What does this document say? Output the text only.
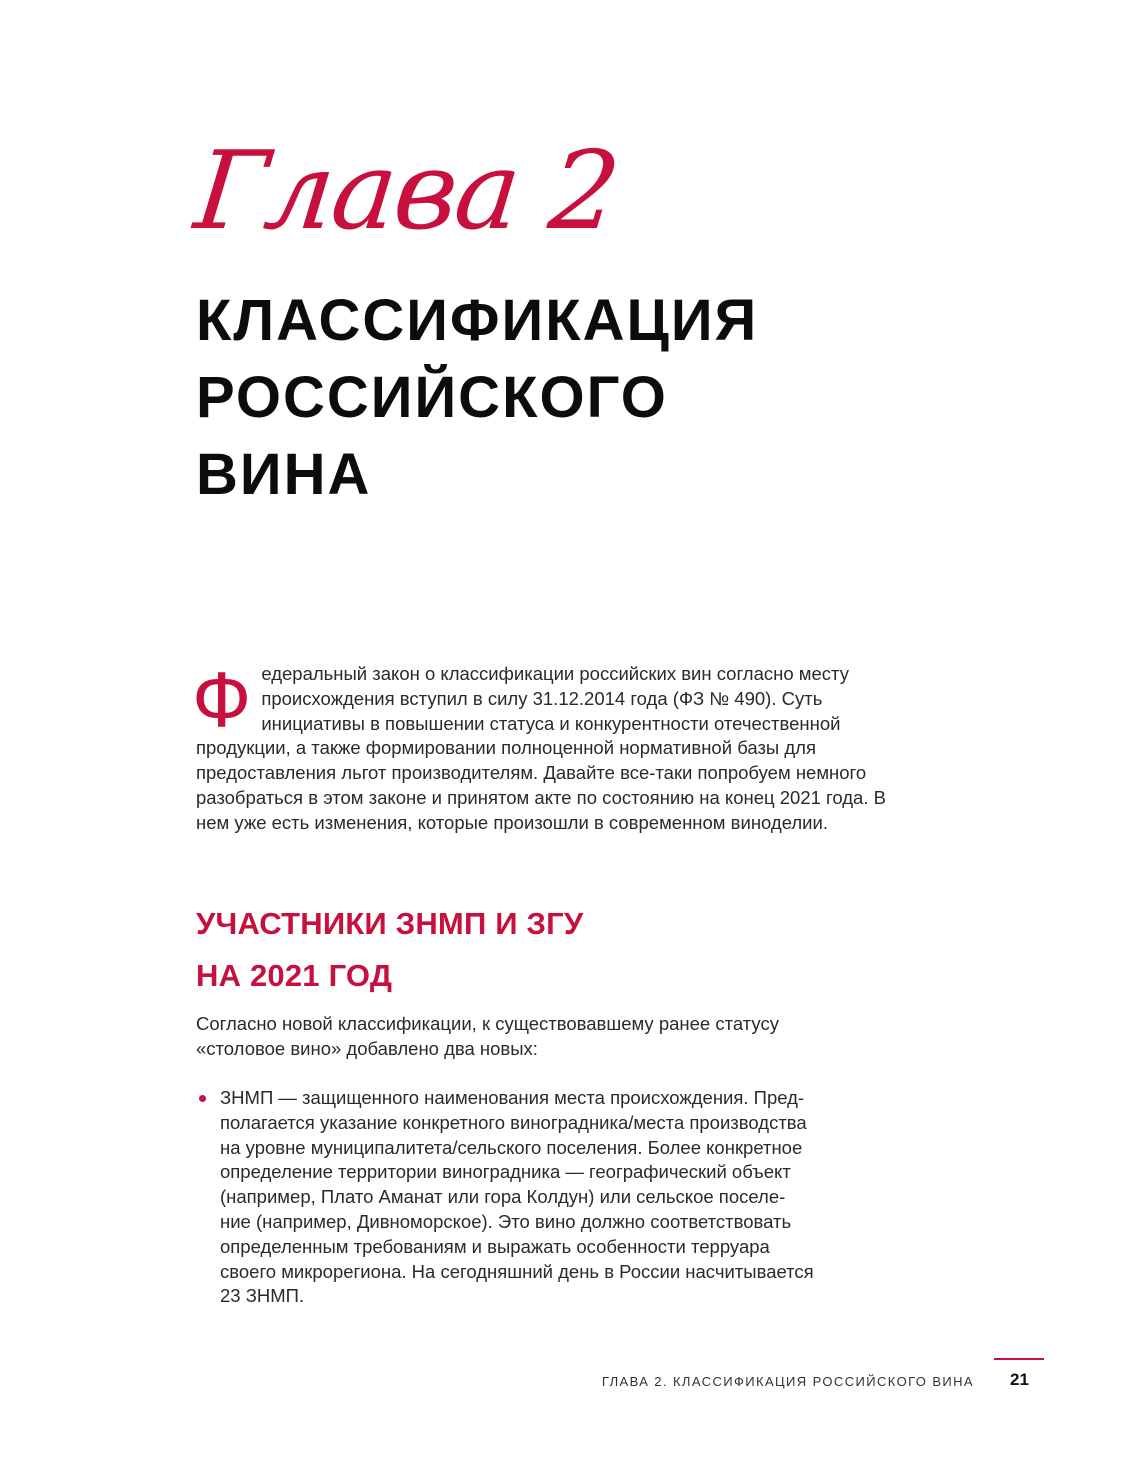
Глава 2
КЛАССИФИКАЦИЯ
РОССИЙСКОГО
ВИНА

Федеральный закон о классификации российских вин согласно месту происхождения вступил в силу 31.12.2014 года (ФЗ № 490). Суть инициативы в повышении статуса и конкурентности отечественной продукции, а также формировании полноценной нормативной базы для предоставления льгот производителям. Давайте все-таки попробуем немного разобраться в этом законе и принятом акте по состоянию на конец 2021 года. В нем уже есть изменения, которые произошли в современном виноделии.

УЧАСТНИКИ ЗНМП И ЗГУ
НА 2021 ГОД

Согласно новой классификации, к существовавшему ранее статусу
«столовое вино» добавлено два новых:

ЗНМП — защищенного наименования места происхождения. Пред-
полагается указание конкретного виноградника/места производства
на уровне муниципалитета/сельского поселения. Более конкретное
определение территории виноградника — географический объект
(например, Плато Аманат или гора Колдун) или сельское поселе-
ние (например, Дивноморское). Это вино должно соответствовать
определенным требованиям и выражать особенности терруара
своего микрорегиона. На сегодняшний день в России насчитывается
23 ЗНМП.
ГЛАВА 2. КЛАССИФИКАЦИЯ РОССИЙСКОГО ВИНА 21
